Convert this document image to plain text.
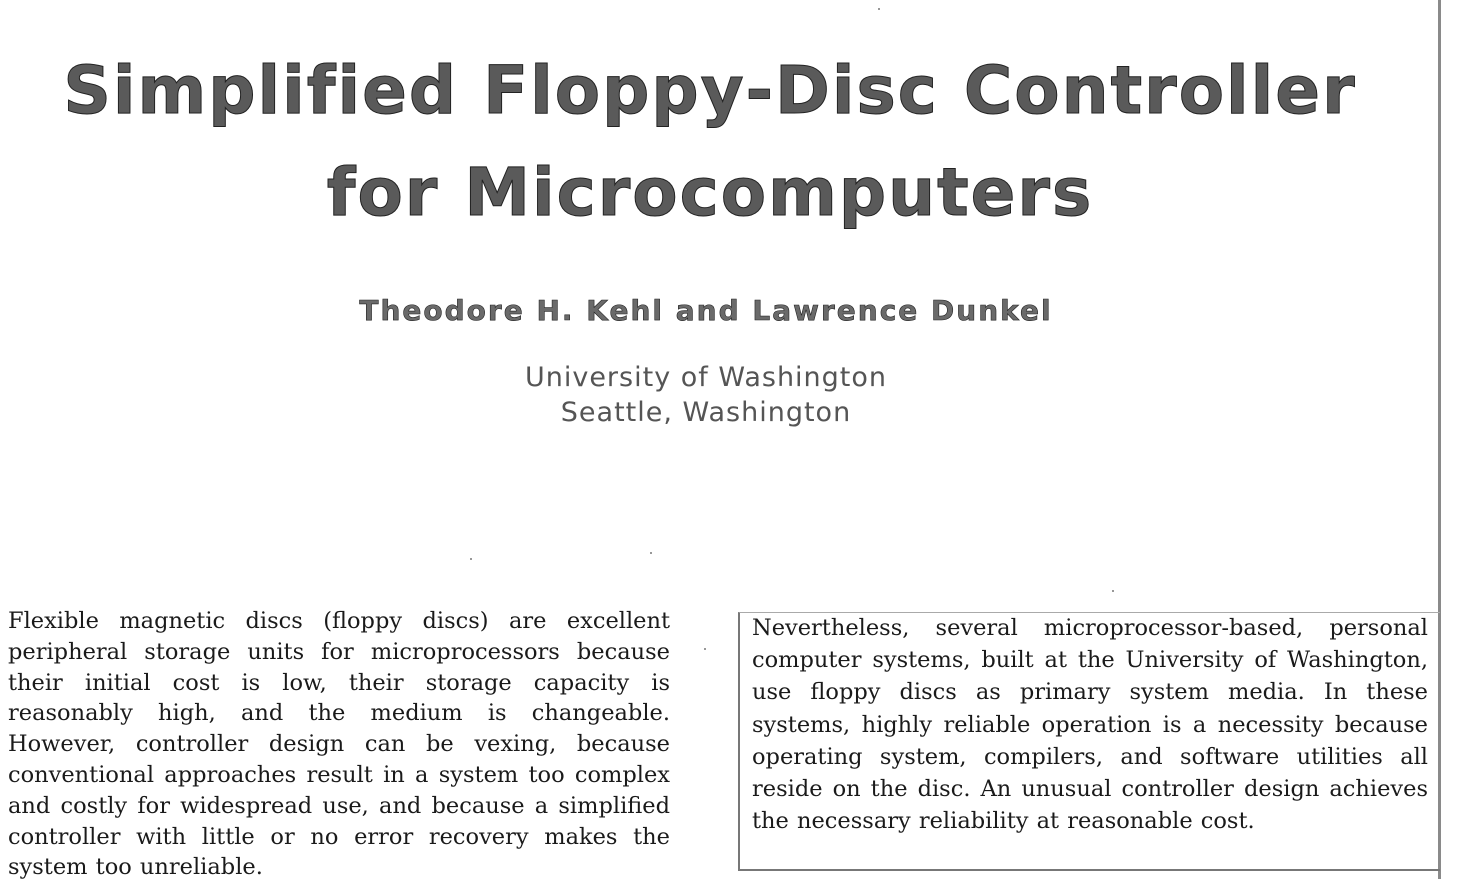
Simplified Floppy-Disc Controller
for Microcomputers
Theodore H. Kehl and Lawrence Dunkel
University of Washington
Seattle, Washington

Flexible magnetic discs (floppy discs) are excellent peripheral storage units for microprocessors because their initial cost is low, their storage capacity is reasonably high, and the medium is changeable. However, controller design can be vexing, because conventional approaches result in a system too complex and costly for widespread use, and because a simplified controller with little or no error recovery makes the system too unreliable.

Nevertheless, several microprocessor-based, personal computer systems, built at the University of Washington, use floppy discs as primary system media. In these systems, highly reliable operation is a necessity because operating system, compilers, and software utilities all reside on the disc. An unusual controller design achieves the necessary reliability at reasonable cost.
